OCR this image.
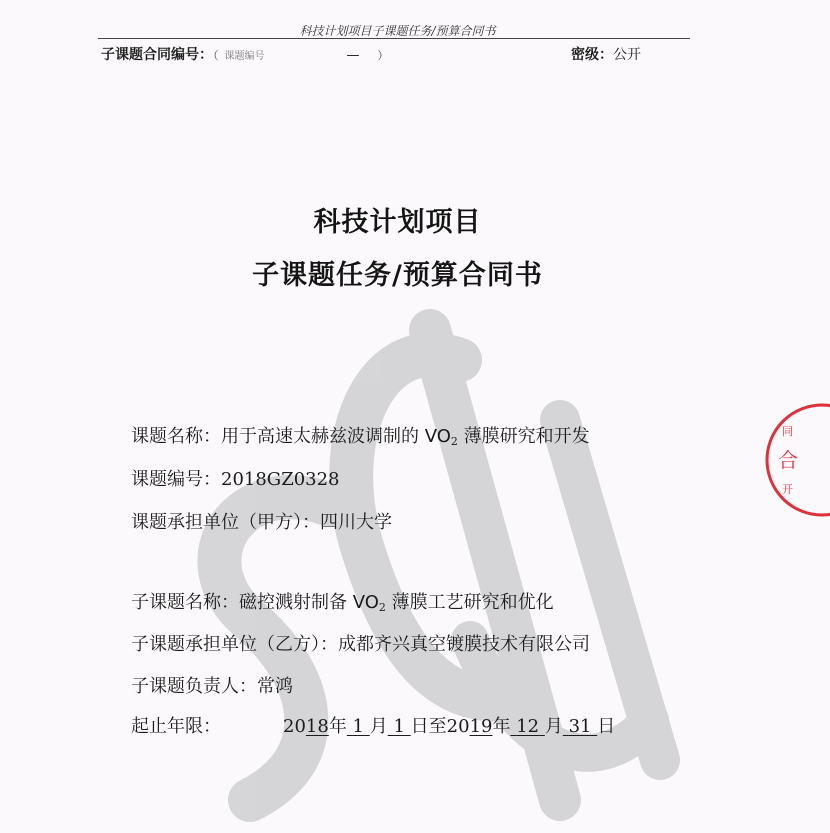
合
同
开
科技计划项目子课题任务/预算合同书
子课题合同编号：（ 课题编号	— ）	密级：公开
科技计划项目
子课题任务/预算合同书
课题名称：用于高速太赫兹波调制的 $VO_2$ 薄膜研究和开发
课题编号：2018GZ0328
课题承担单位（甲方）：四川大学
子课题名称：磁控溅射制备 $VO_2$ 薄膜工艺研究和优化
子课题承担单位（乙方）：成都齐兴真空镀膜技术有限公司
子课题负责人：常鸿
起止年限：	2018年 1 月 1 日至2019年 12 月 31 日
